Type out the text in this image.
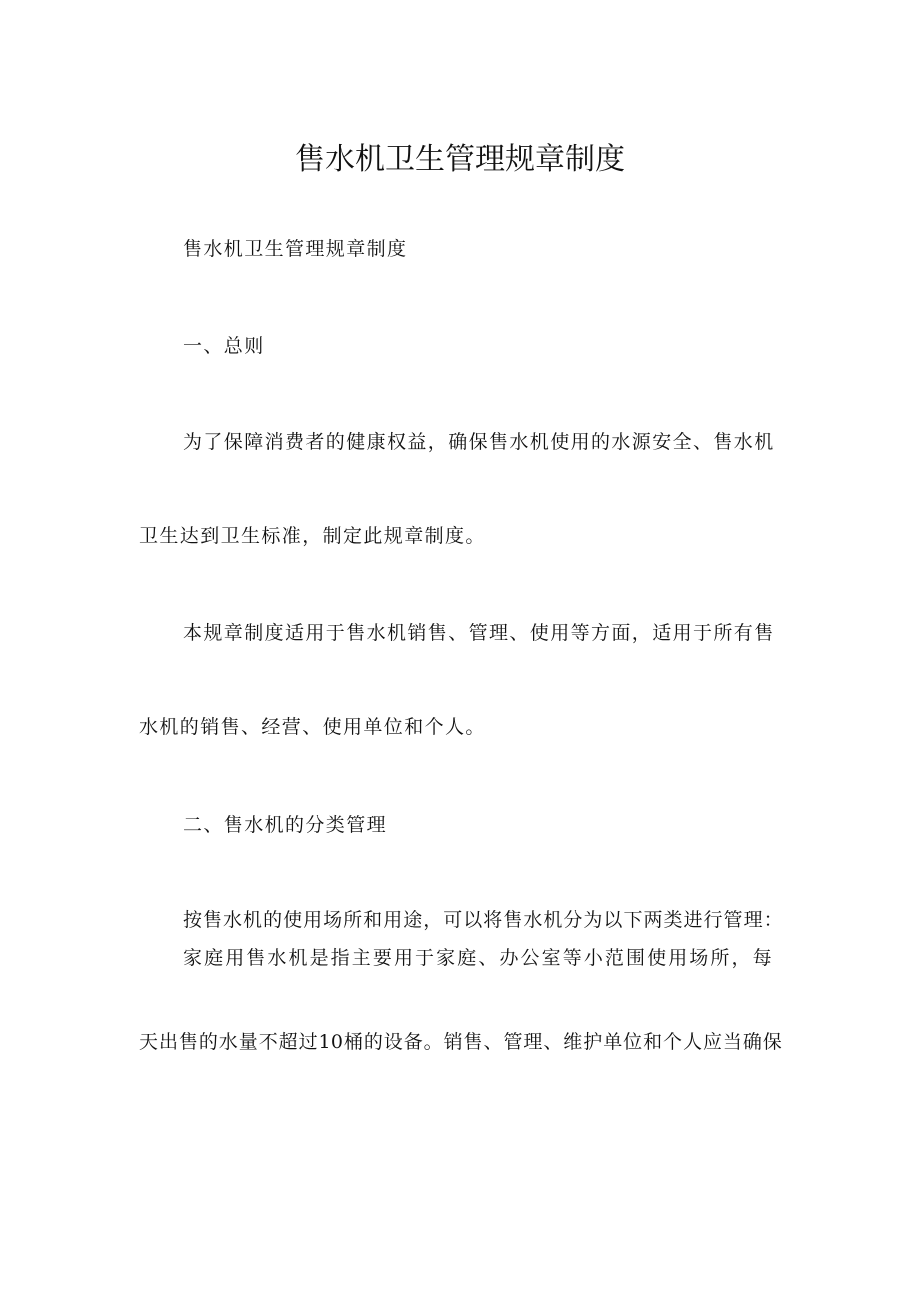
售水机卫生管理规章制度
售水机卫生管理规章制度
一、总则
为了保障消费者的健康权益，确保售水机使用的水源安全、售水机
卫生达到卫生标准，制定此规章制度。
本规章制度适用于售水机销售、管理、使用等方面，适用于所有售
水机的销售、经营、使用单位和个人。
二、售水机的分类管理
按售水机的使用场所和用途，可以将售水机分为以下两类进行管理：
家庭用售水机是指主要用于家庭、办公室等小范围使用场所，每
天出售的水量不超过10桶的设备。销售、管理、维护单位和个人应当确保
